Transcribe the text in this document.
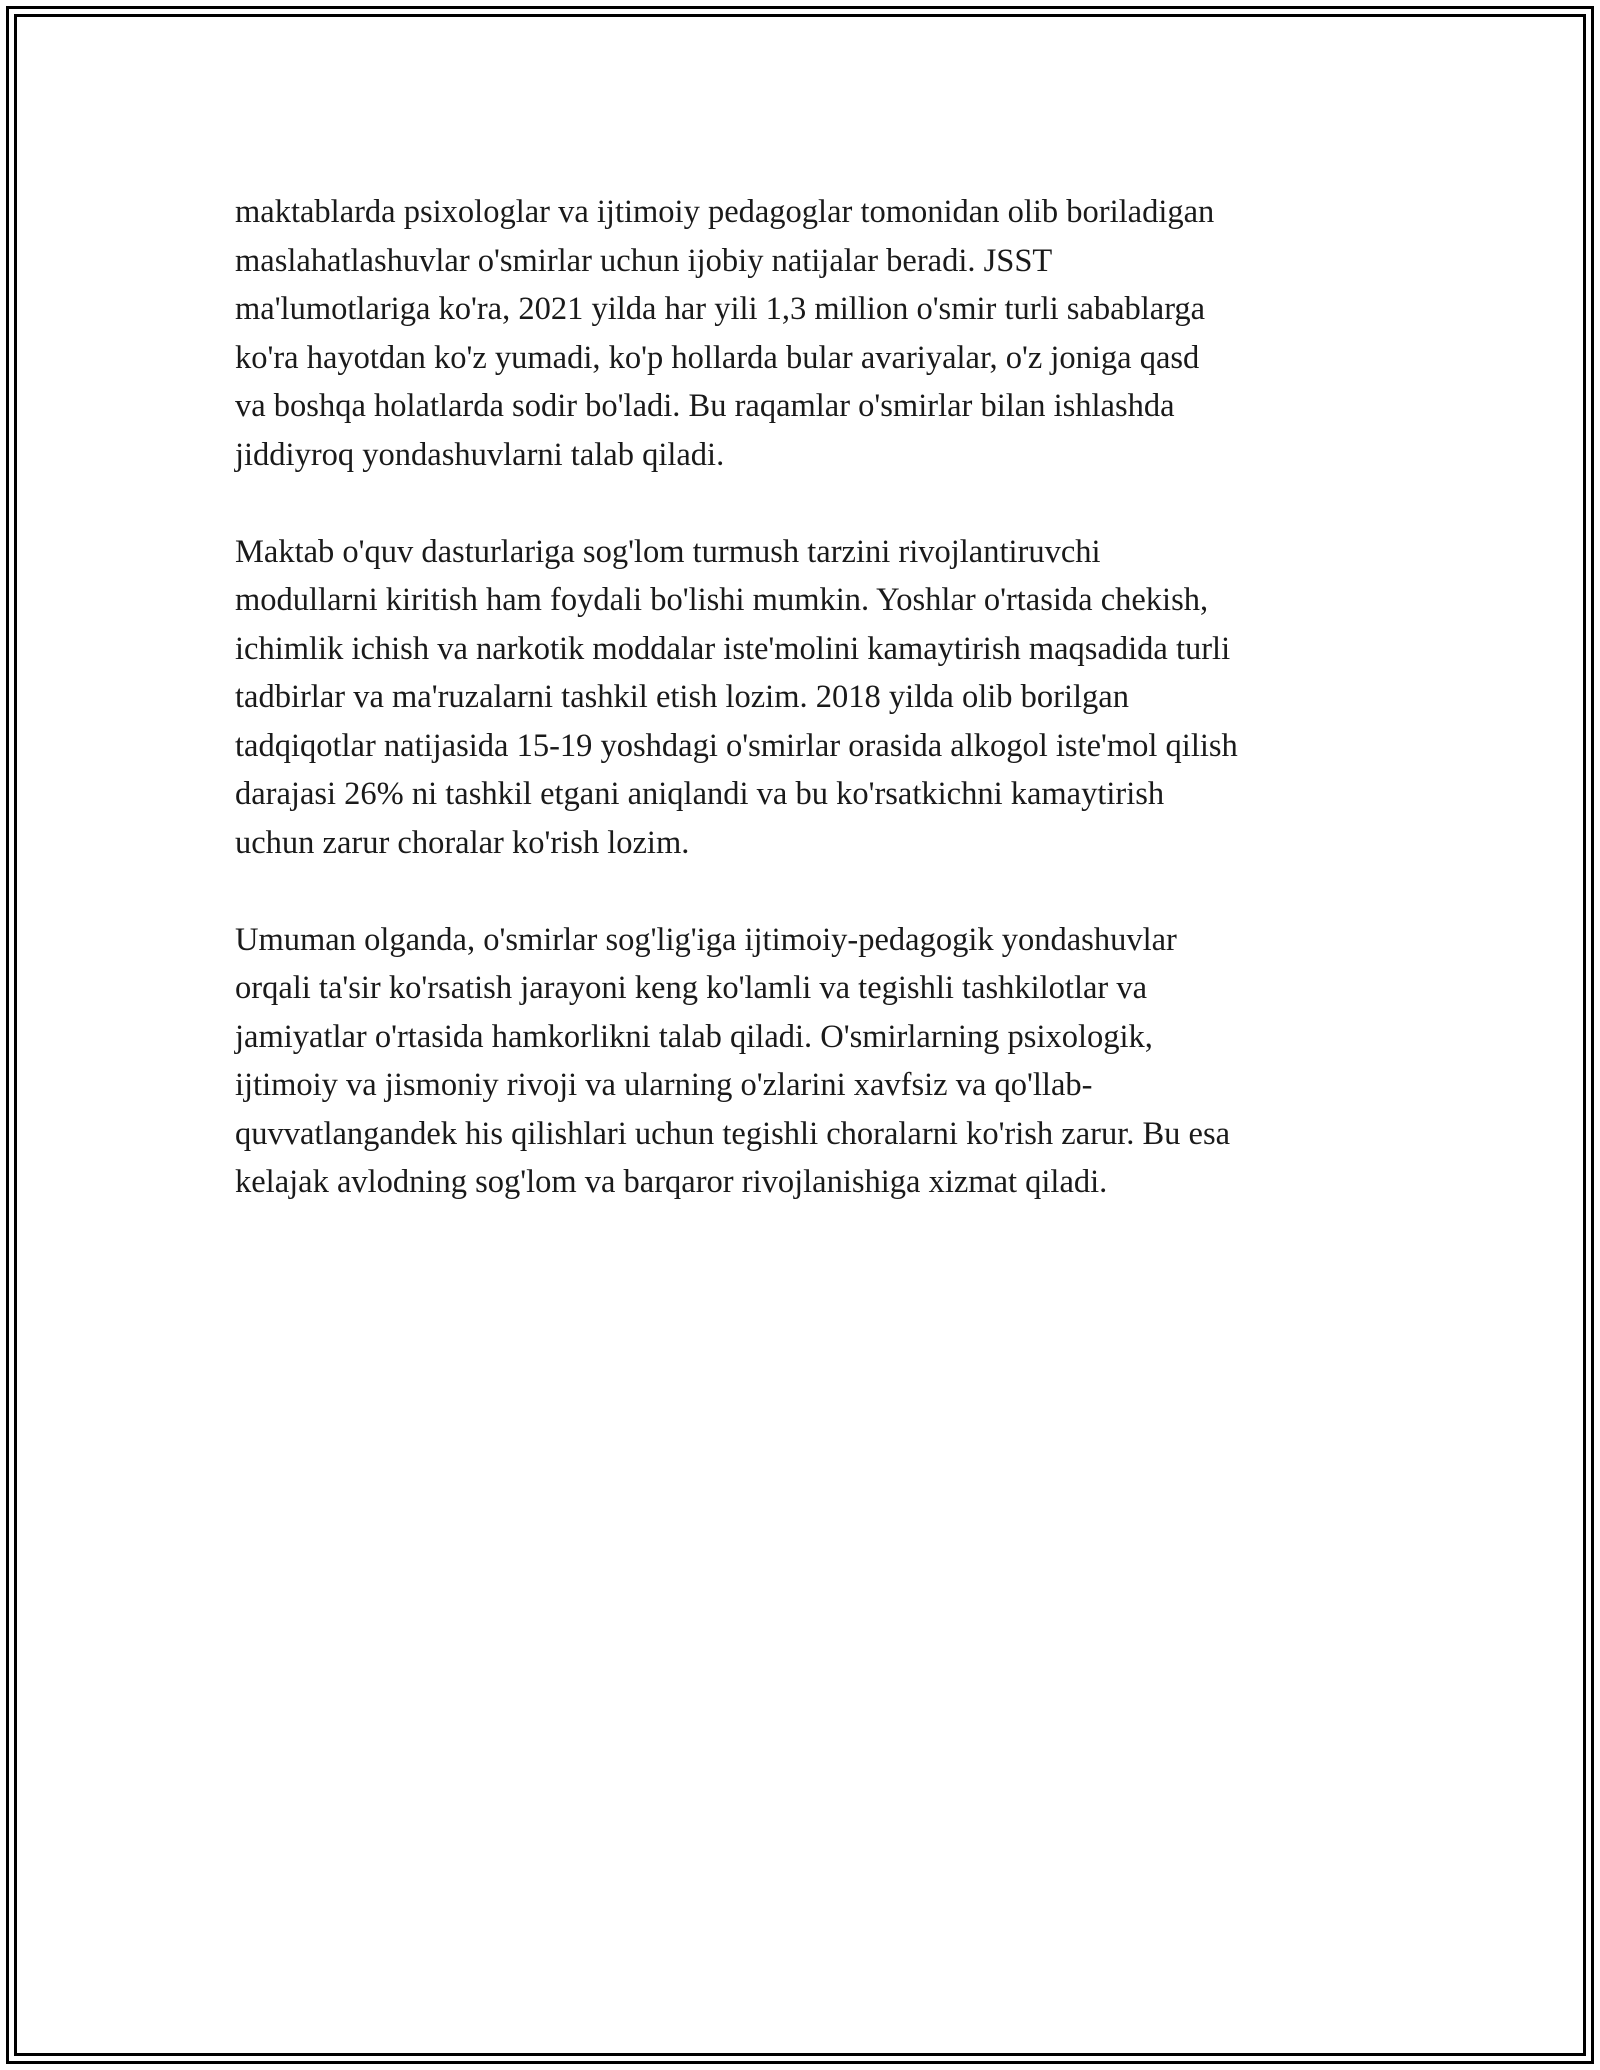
maktablarda psixologlar va ijtimoiy pedagoglar tomonidan olib boriladigan
maslahatlashuvlar o'smirlar uchun ijobiy natijalar beradi. JSST
ma'lumotlariga ko'ra, 2021 yilda har yili 1,3 million o'smir turli sabablarga
ko'ra hayotdan ko'z yumadi, ko'p hollarda bular avariyalar, o'z joniga qasd
va boshqa holatlarda sodir bo'ladi. Bu raqamlar o'smirlar bilan ishlashda
jiddiyroq yondashuvlarni talab qiladi.
Maktab o'quv dasturlariga sog'lom turmush tarzini rivojlantiruvchi
modullarni kiritish ham foydali bo'lishi mumkin. Yoshlar o'rtasida chekish,
ichimlik ichish va narkotik moddalar iste'molini kamaytirish maqsadida turli
tadbirlar va ma'ruzalarni tashkil etish lozim. 2018 yilda olib borilgan
tadqiqotlar natijasida 15-19 yoshdagi o'smirlar orasida alkogol iste'mol qilish
darajasi 26% ni tashkil etgani aniqlandi va bu ko'rsatkichni kamaytirish
uchun zarur choralar ko'rish lozim.
Umuman olganda, o'smirlar sog'lig'iga ijtimoiy-pedagogik yondashuvlar
orqali ta'sir ko'rsatish jarayoni keng ko'lamli va tegishli tashkilotlar va
jamiyatlar o'rtasida hamkorlikni talab qiladi. O'smirlarning psixologik,
ijtimoiy va jismoniy rivoji va ularning o'zlarini xavfsiz va qo'llab-
quvvatlangandek his qilishlari uchun tegishli choralarni ko'rish zarur. Bu esa
kelajak avlodning sog'lom va barqaror rivojlanishiga xizmat qiladi.
